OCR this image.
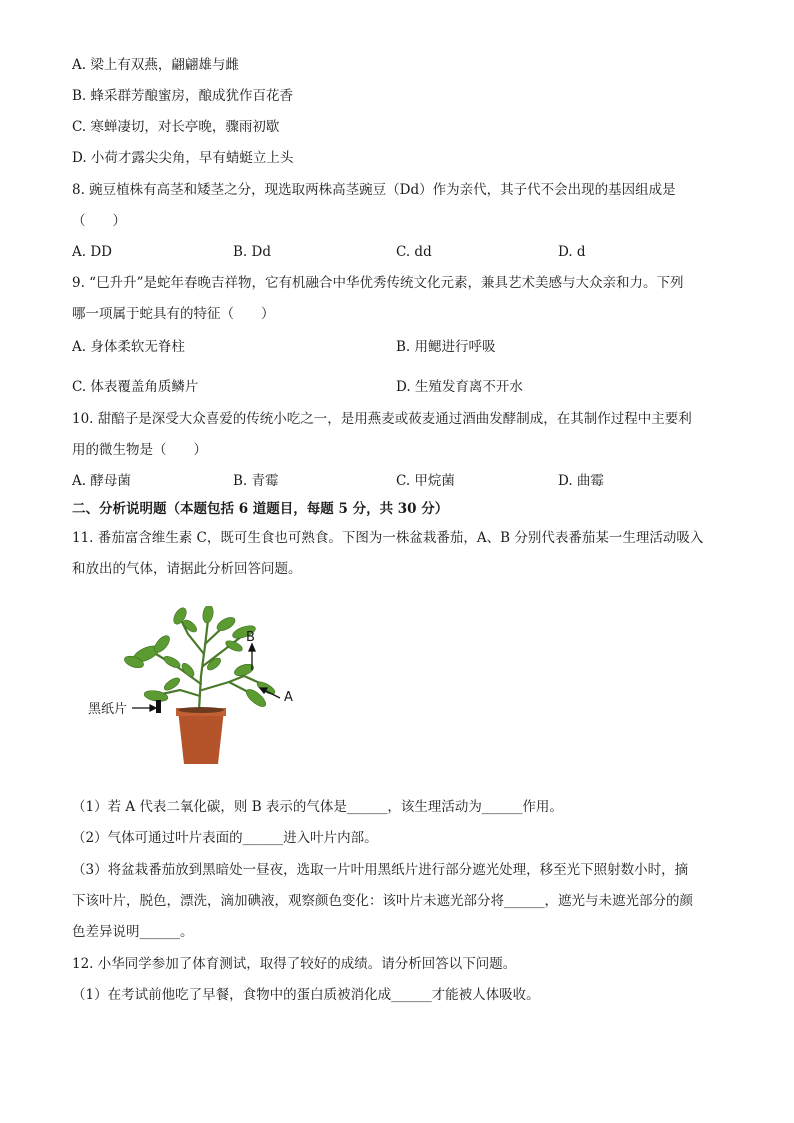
A. 梁上有双燕，翩翩雄与雌
B. 蜂采群芳酿蜜房，酿成犹作百花香
C. 寒蝉凄切，对长亭晚，骤雨初歇
D. 小荷才露尖尖角，早有蜻蜓立上头
8. 豌豆植株有高茎和矮茎之分，现选取两株高茎豌豆（Dd）作为亲代，其子代不会出现的基因组成是
（　　）
A. DD	B. Dd	C. dd	D. d
9. “巳升升”是蛇年春晚吉祥物，它有机融合中华优秀传统文化元素，兼具艺术美感与大众亲和力。下列
哪一项属于蛇具有的特征（　　）
A. 身体柔软无脊柱	B. 用鳃进行呼吸
C. 体表覆盖角质鳞片	D. 生殖发育离不开水
10. 甜醅子是深受大众喜爱的传统小吃之一，是用燕麦或莜麦通过酒曲发酵制成，在其制作过程中主要利
用的微生物是（　　）
A. 酵母菌	B. 青霉	C. 甲烷菌	D. 曲霉
二、分析说明题（本题包括 6 道题目，每题 5 分，共 30 分）
11. 番茄富含维生素 C，既可生食也可熟食。下图为一株盆栽番茄，A、B 分别代表番茄某一生理活动吸入
和放出的气体，请据此分析回答问题。
B
A
黑纸片
（1）若 A 代表二氧化碳，则 B 表示的气体是______，该生理活动为______作用。
（2）气体可通过叶片表面的______进入叶片内部。
（3）将盆栽番茄放到黑暗处一昼夜，选取一片叶用黑纸片进行部分遮光处理，移至光下照射数小时，摘
下该叶片，脱色，漂洗，滴加碘液，观察颜色变化：该叶片未遮光部分将______，遮光与未遮光部分的颜
色差异说明______。
12. 小华同学参加了体育测试，取得了较好的成绩。请分析回答以下问题。
（1）在考试前他吃了早餐，食物中的蛋白质被消化成______才能被人体吸收。
